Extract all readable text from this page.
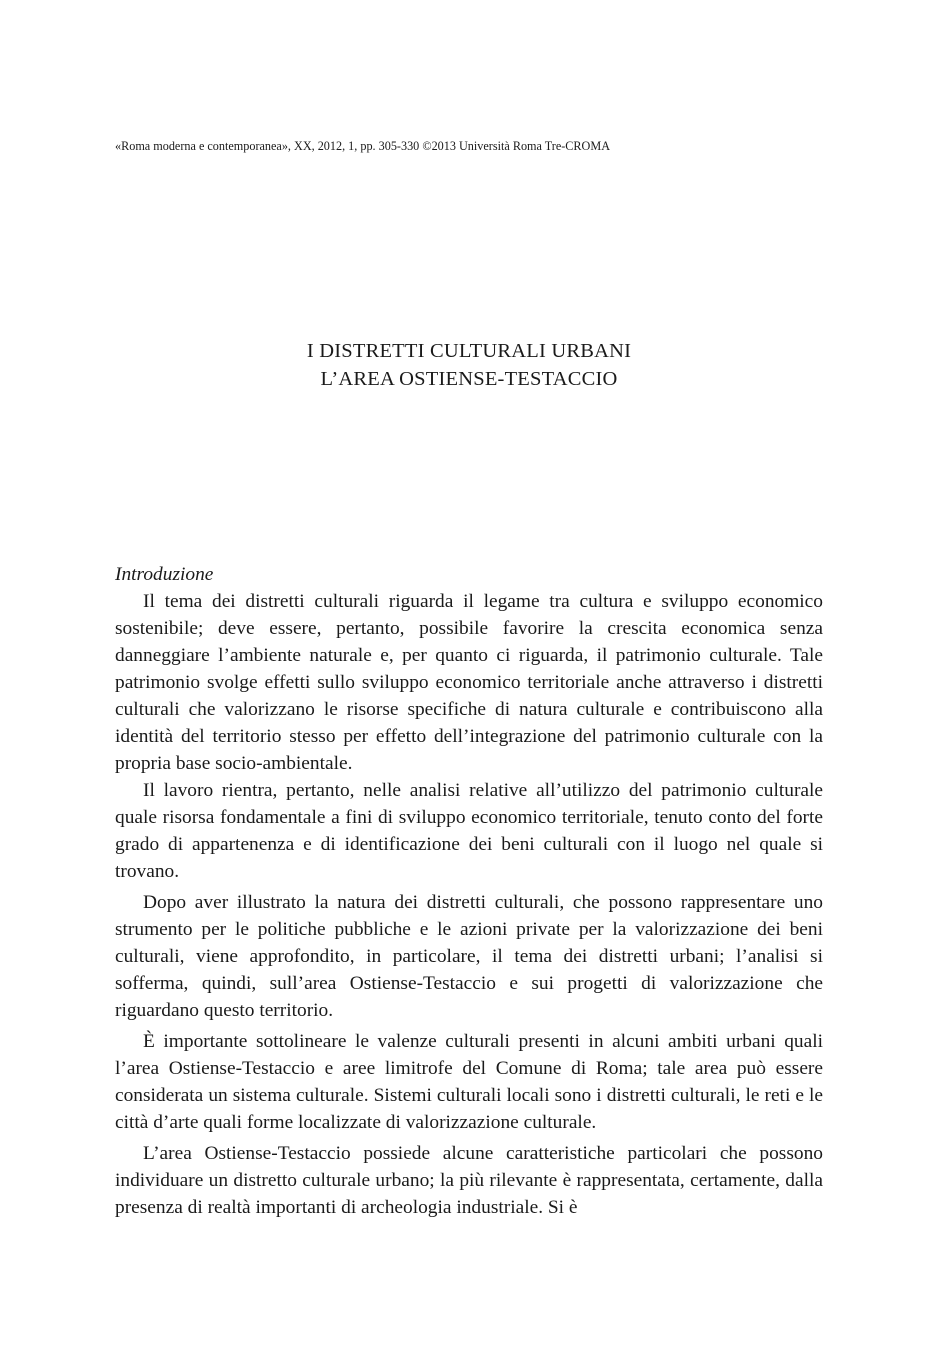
«Roma moderna e contemporanea», XX, 2012, 1, pp. 305-330 ©2013 Università Roma Tre-CROMA
I DISTRETTI CULTURALI URBANI
L’AREA OSTIENSE-TESTACCIO
Introduzione

Il tema dei distretti culturali riguarda il legame tra cultura e sviluppo economico sostenibile; deve essere, pertanto, possibile favorire la crescita economica senza danneggiare l’ambiente naturale e, per quanto ci riguarda, il patrimonio culturale. Tale patrimonio svolge effetti sullo sviluppo economico territoriale anche attraverso i distretti culturali che valorizzano le risorse specifiche di natura culturale e contribuiscono alla identità del territorio stesso per effetto dell’integrazione del patrimonio culturale con la propria base socio-ambientale.

Il lavoro rientra, pertanto, nelle analisi relative all’utilizzo del patrimonio culturale quale risorsa fondamentale a fini di sviluppo economico territoriale, tenuto conto del forte grado di appartenenza e di identificazione dei beni culturali con il luogo nel quale si trovano.

Dopo aver illustrato la natura dei distretti culturali, che possono rappresentare uno strumento per le politiche pubbliche e le azioni private per la valorizzazione dei beni culturali, viene approfondito, in particolare, il tema dei distretti urbani; l’analisi si sofferma, quindi, sull’area Ostiense-Testaccio e sui progetti di valorizzazione che riguardano questo territorio.

È importante sottolineare le valenze culturali presenti in alcuni ambiti urbani quali l’area Ostiense-Testaccio e aree limitrofe del Comune di Roma; tale area può essere considerata un sistema culturale. Sistemi culturali locali sono i distretti culturali, le reti e le città d’arte quali forme localizzate di valorizzazione culturale.

L’area Ostiense-Testaccio possiede alcune caratteristiche particolari che possono individuare un distretto culturale urbano; la più rilevante è rappresentata, certamente, dalla presenza di realtà importanti di archeologia industriale. Si è
